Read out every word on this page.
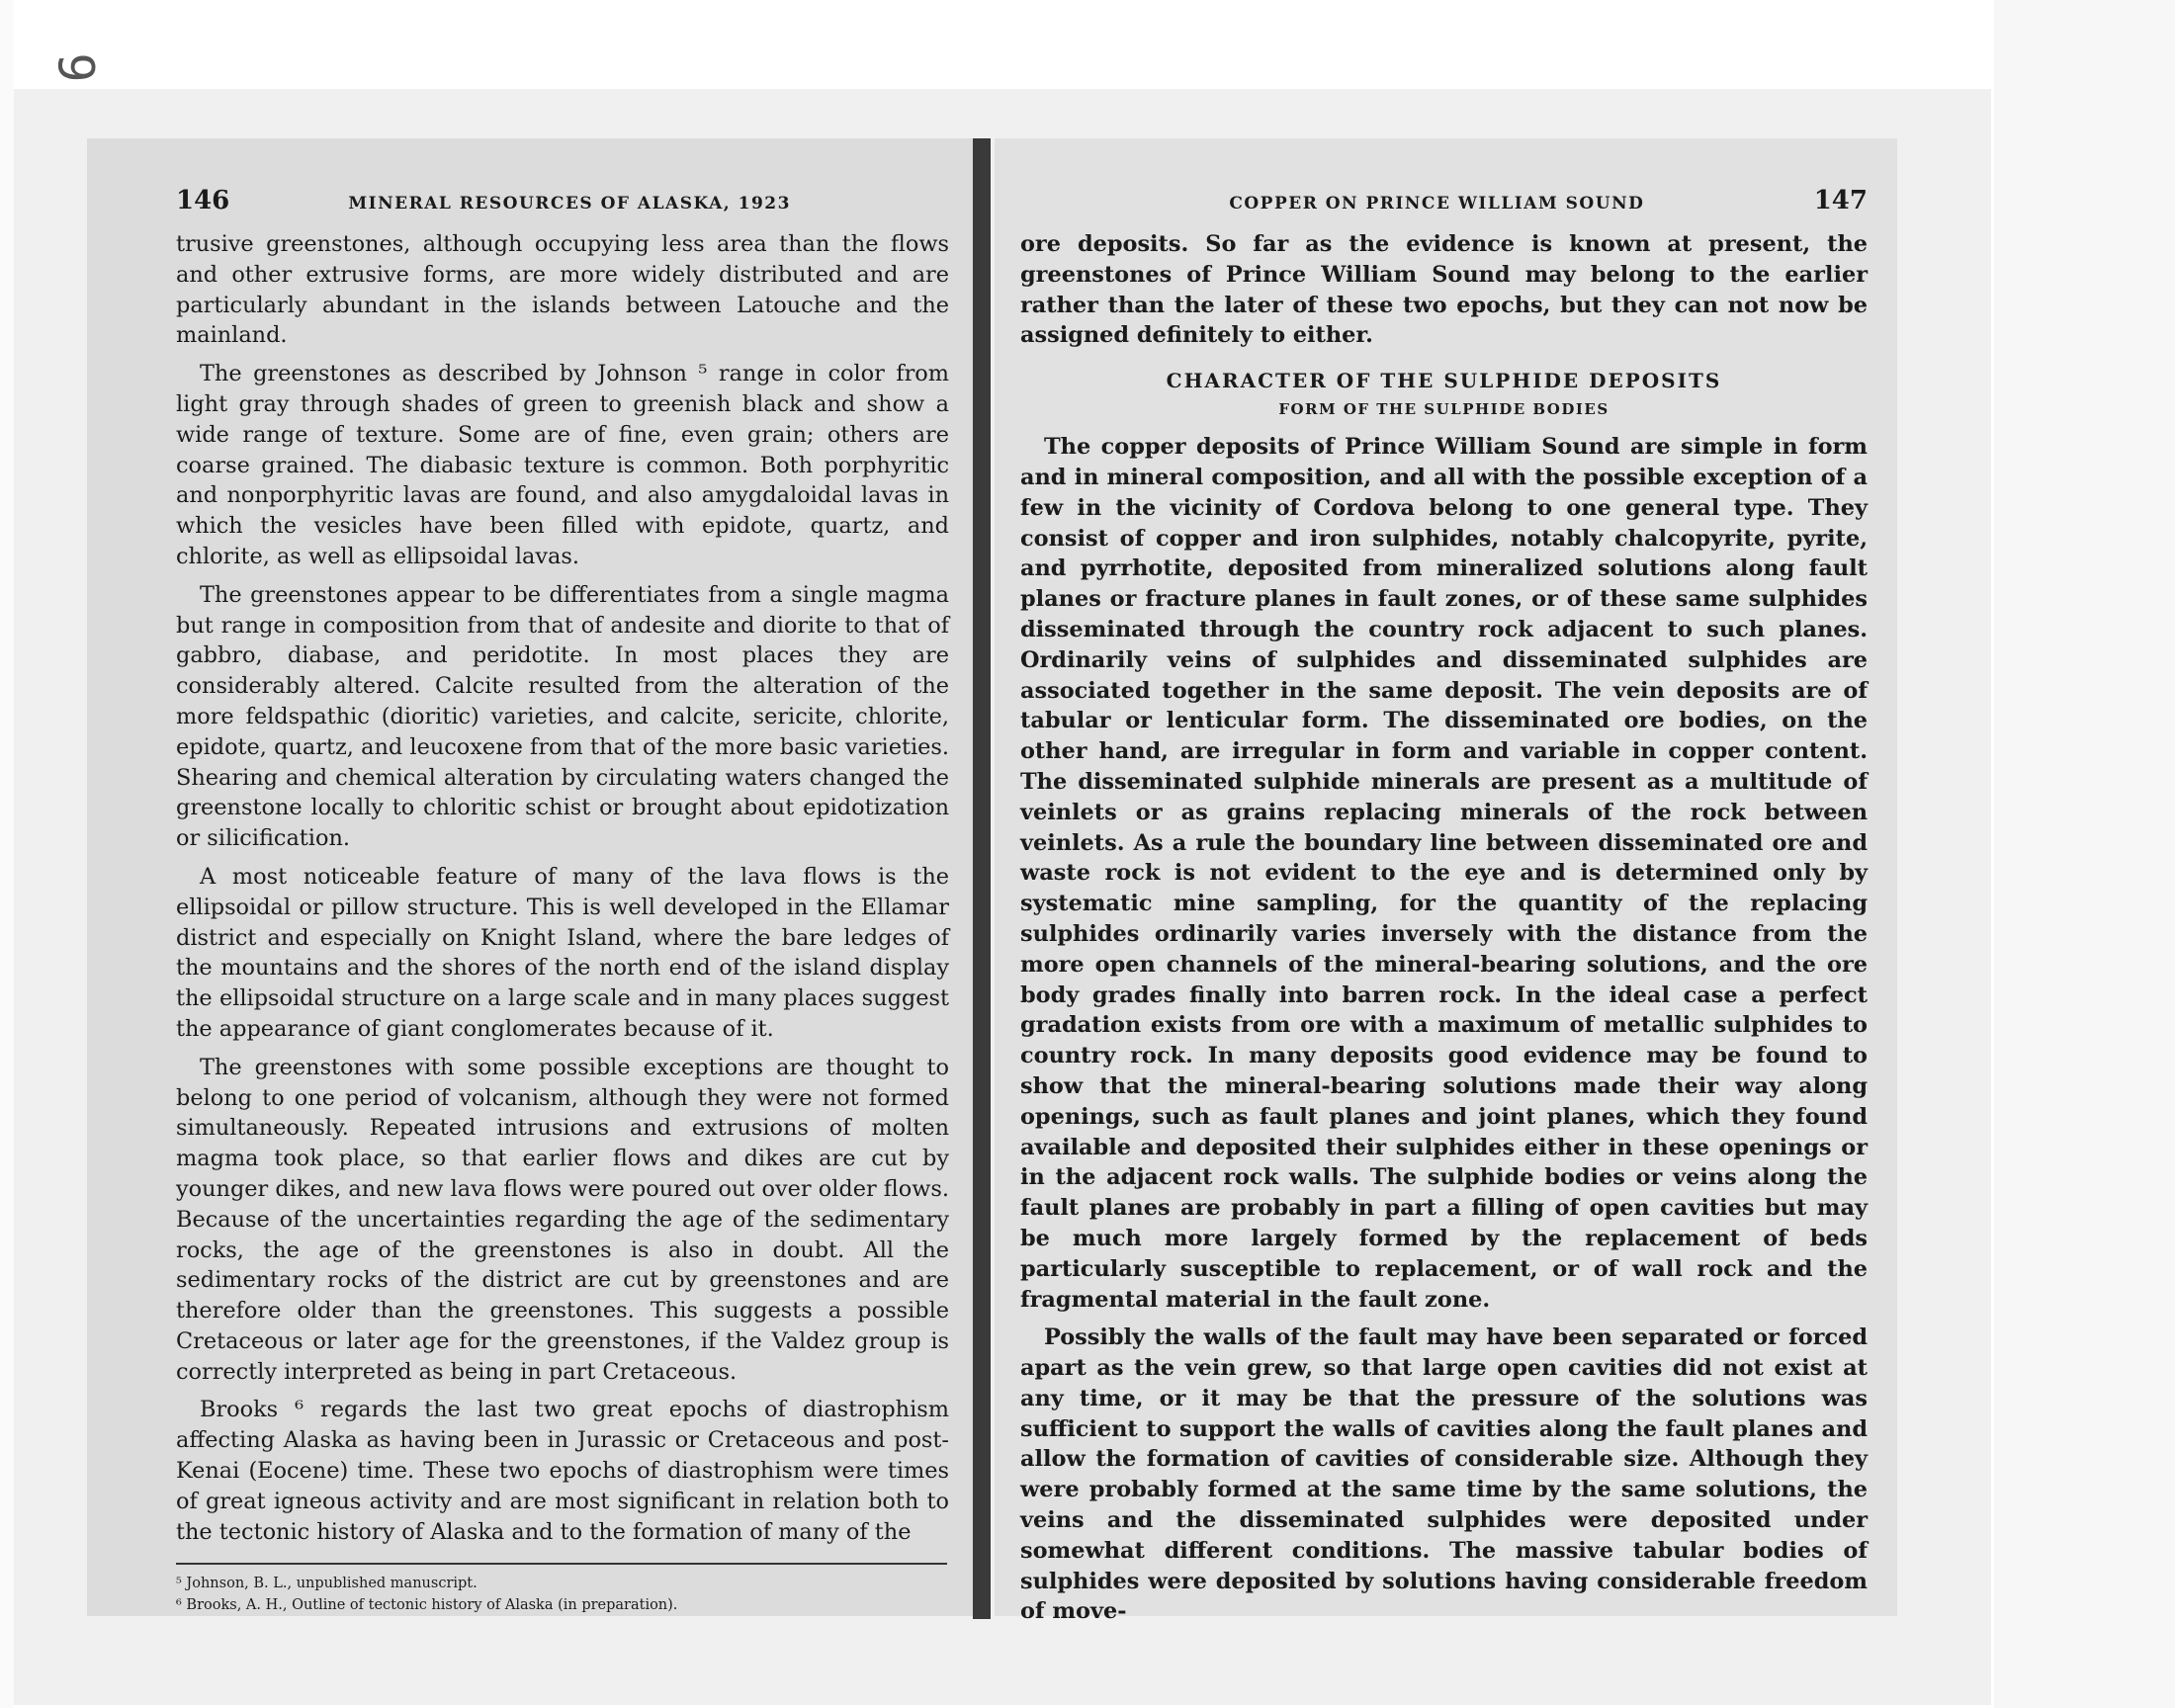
146	MINERAL RESOURCES OF ALASKA, 1923

trusive greenstones, although occupying less area than the flows and other extrusive forms, are more widely distributed and are particularly abundant in the islands between Latouche and the mainland.

The greenstones as described by Johnson ⁵ range in color from light gray through shades of green to greenish black and show a wide range of texture. Some are of fine, even grain; others are coarse grained. The diabasic texture is common. Both porphyritic and nonporphyritic lavas are found, and also amygdaloidal lavas in which the vesicles have been filled with epidote, quartz, and chlorite, as well as ellipsoidal lavas.

The greenstones appear to be differentiates from a single magma but range in composition from that of andesite and diorite to that of gabbro, diabase, and peridotite. In most places they are considerably altered. Calcite resulted from the alteration of the more feldspathic (dioritic) varieties, and calcite, sericite, chlorite, epidote, quartz, and leucoxene from that of the more basic varieties. Shearing and chemical alteration by circulating waters changed the greenstone locally to chloritic schist or brought about epidotization or silicification.

A most noticeable feature of many of the lava flows is the ellipsoidal or pillow structure. This is well developed in the Ellamar district and especially on Knight Island, where the bare ledges of the mountains and the shores of the north end of the island display the ellipsoidal structure on a large scale and in many places suggest the appearance of giant conglomerates because of it.

The greenstones with some possible exceptions are thought to belong to one period of volcanism, although they were not formed simultaneously. Repeated intrusions and extrusions of molten magma took place, so that earlier flows and dikes are cut by younger dikes, and new lava flows were poured out over older flows. Because of the uncertainties regarding the age of the sedimentary rocks, the age of the greenstones is also in doubt. All the sedimentary rocks of the district are cut by greenstones and are therefore older than the greenstones. This suggests a possible Cretaceous or later age for the greenstones, if the Valdez group is correctly interpreted as being in part Cretaceous.

Brooks ⁶ regards the last two great epochs of diastrophism affecting Alaska as having been in Jurassic or Cretaceous and post-Kenai (Eocene) time. These two epochs of diastrophism were times of great igneous activity and are most significant in relation both to the tectonic history of Alaska and to the formation of many of the

⁵ Johnson, B. L., unpublished manuscript.

⁶ Brooks, A. H., Outline of tectonic history of Alaska (in preparation).

COPPER ON PRINCE WILLIAM SOUND	147

ore deposits. So far as the evidence is known at present, the greenstones of Prince William Sound may belong to the earlier rather than the later of these two epochs, but they can not now be assigned definitely to either.

CHARACTER OF THE SULPHIDE DEPOSITS
FORM OF THE SULPHIDE BODIES

The copper deposits of Prince William Sound are simple in form and in mineral composition, and all with the possible exception of a few in the vicinity of Cordova belong to one general type. They consist of copper and iron sulphides, notably chalcopyrite, pyrite, and pyrrhotite, deposited from mineralized solutions along fault planes or fracture planes in fault zones, or of these same sulphides disseminated through the country rock adjacent to such planes. Ordinarily veins of sulphides and disseminated sulphides are associated together in the same deposit. The vein deposits are of tabular or lenticular form. The disseminated ore bodies, on the other hand, are irregular in form and variable in copper content. The disseminated sulphide minerals are present as a multitude of veinlets or as grains replacing minerals of the rock between veinlets. As a rule the boundary line between disseminated ore and waste rock is not evident to the eye and is determined only by systematic mine sampling, for the quantity of the replacing sulphides ordinarily varies inversely with the distance from the more open channels of the mineral-bearing solutions, and the ore body grades finally into barren rock. In the ideal case a perfect gradation exists from ore with a maximum of metallic sulphides to country rock. In many deposits good evidence may be found to show that the mineral-bearing solutions made their way along openings, such as fault planes and joint planes, which they found available and deposited their sulphides either in these openings or in the adjacent rock walls. The sulphide bodies or veins along the fault planes are probably in part a filling of open cavities but may be much more largely formed by the replacement of beds particularly susceptible to replacement, or of wall rock and the fragmental material in the fault zone.

Possibly the walls of the fault may have been separated or forced apart as the vein grew, so that large open cavities did not exist at any time, or it may be that the pressure of the solutions was sufficient to support the walls of cavities along the fault planes and allow the formation of cavities of considerable size. Although they were probably formed at the same time by the same solutions, the veins and the disseminated sulphides were deposited under somewhat different conditions. The massive tabular bodies of sulphides were deposited by solutions having considerable freedom of move-
